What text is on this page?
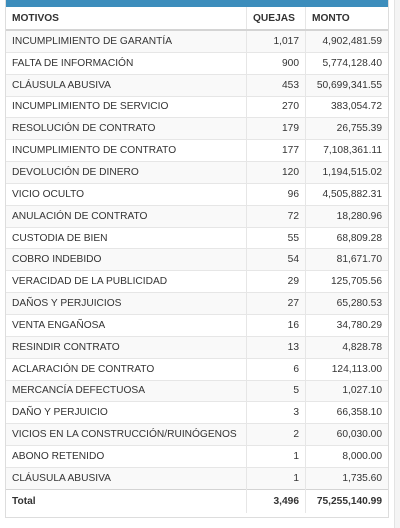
MOTIVOS	QUEJAS	MONTO
INCUMPLIMIENTO DE GARANTÍA	1,017	4,902,481.59
FALTA DE INFORMACIÓN	900	5,774,128.40
CLÁUSULA ABUSIVA	453	50,699,341.55
INCUMPLIMIENTO DE SERVICIO	270	383,054.72
RESOLUCIÓN DE CONTRATO	179	26,755.39
INCUMPLIMIENTO DE CONTRATO	177	7,108,361.11
DEVOLUCIÓN DE DINERO	120	1,194,515.02
VICIO OCULTO	96	4,505,882.31
ANULACIÓN DE CONTRATO	72	18,280.96
CUSTODIA DE BIEN	55	68,809.28
COBRO INDEBIDO	54	81,671.70
VERACIDAD DE LA PUBLICIDAD	29	125,705.56
DAÑOS Y PERJUICIOS	27	65,280.53
VENTA ENGAÑOSA	16	34,780.29
RESINDIR CONTRATO	13	4,828.78
ACLARACIÓN DE CONTRATO	6	124,113.00
MERCANCÍA DEFECTUOSA	5	1,027.10
DAÑO Y PERJUICIO	3	66,358.10
VICIOS EN LA CONSTRUCCIÓN/RUINÓGENOS	2	60,030.00
ABONO RETENIDO	1	8,000.00
CLÁUSULA ABUSIVA	1	1,735.60
Total	3,496	75,255,140.99
